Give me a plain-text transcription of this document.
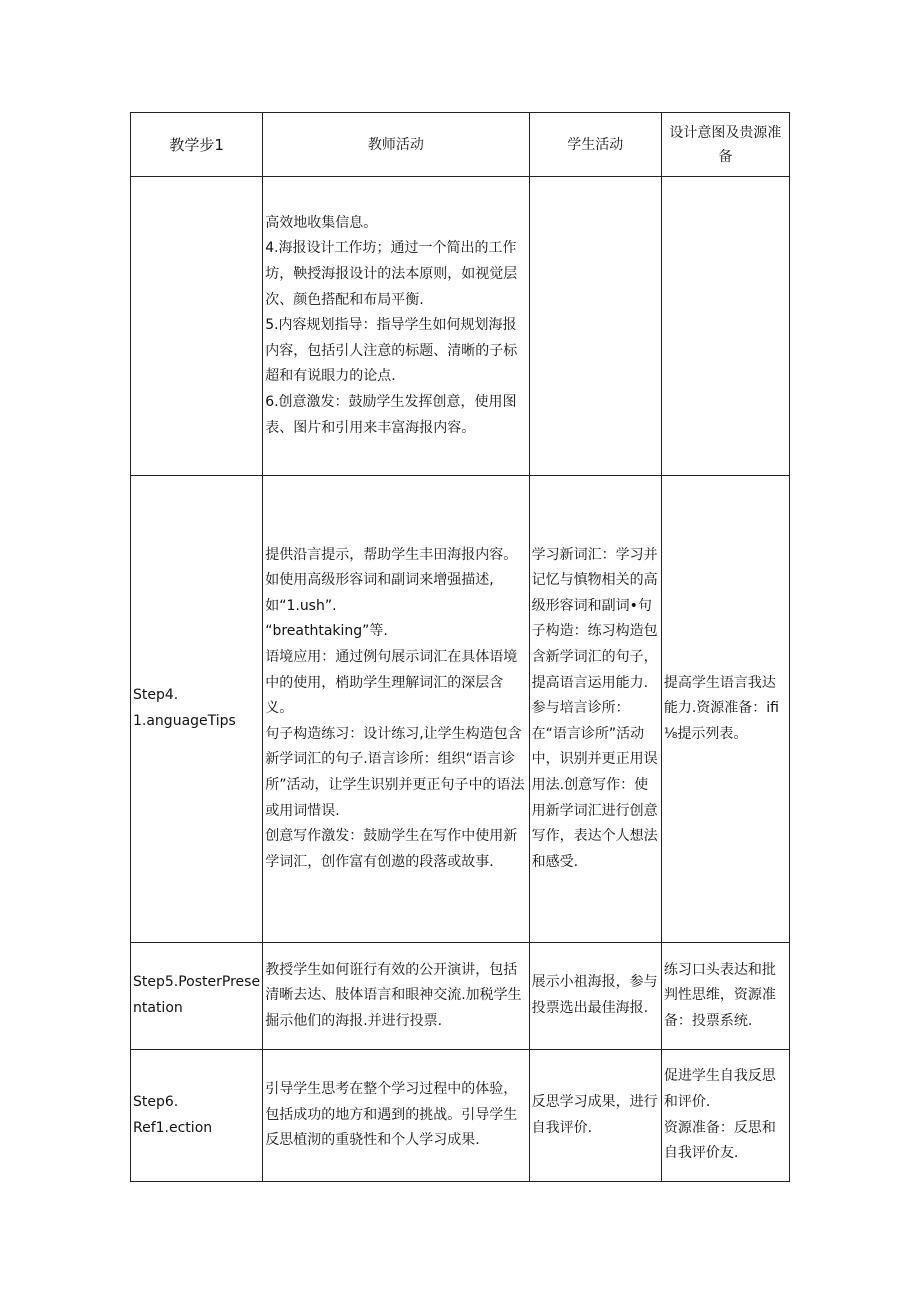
教学步1	教师活动	学生活动	设计意图及贵源准备
	高效地收集信息。
4.海报设计工作坊；通过一个简出的工作坊，鞅授海报设计的法本原则，如视觉层次、颜色搭配和布局平衡.
5.内容规划指导：指导学生如何规划海报内容，包括引人注意的标题、清晰的子标超和有说眼力的论点.
6.创意激发：鼓励学生发挥创意，使用图表、图片和引用来丰富海报内容。		
Step4.
1.anguageTips	提供沿言提示，帮助学生丰田海报内容。如使用高级形容词和副词来增强描述,如“1.ush”.
“breathtaking”等.
语境应用：通过例句展示词汇在具体语境中的使用，梢助学生理解词汇的深层含义。
句子构造练习：设计练习,让学生构造包含新学词汇的句子.语言诊所：组织“语言诊所”活动，让学生识别并更正句子中的语法或用词惜误.
创意写作激发：鼓励学生在写作中使用新学词汇，创作富有创遨的段落或故事.	学习新词汇：学习并记忆与慎物相关的高级形容词和副词•句子构造：练习构造包含新学词汇的句子，提高语言运用能力.
参与培言诊所：在“语言诊所”活动中，识别并更正用误用法.创意写作：使用新学词汇进行创意写作，表达个人想法和感受.	提高学生语言我达能力.资源准备：ifi⅛提示列表。
Step5.PosterPresentation	教授学生如何诳行有效的公开演讲，包括清晰去达、肢体语言和眼神交流.加税学生掘示他们的海报.并进行投票.	展示小祖海报，参与投票选出最佳海报.	练习口头表达和批判性思维，资源准备：投票系统.
Step6.
Ref1.ection	引导学生思考在整个学习过程中的体验，包括成功的地方和遇到的挑战。引导学生反思植沏的重骁性和个人学习成果.	反思学习成果，进行自我评价.	促进学生自我反思和评价.
资源准备：反思和自我评价友.
